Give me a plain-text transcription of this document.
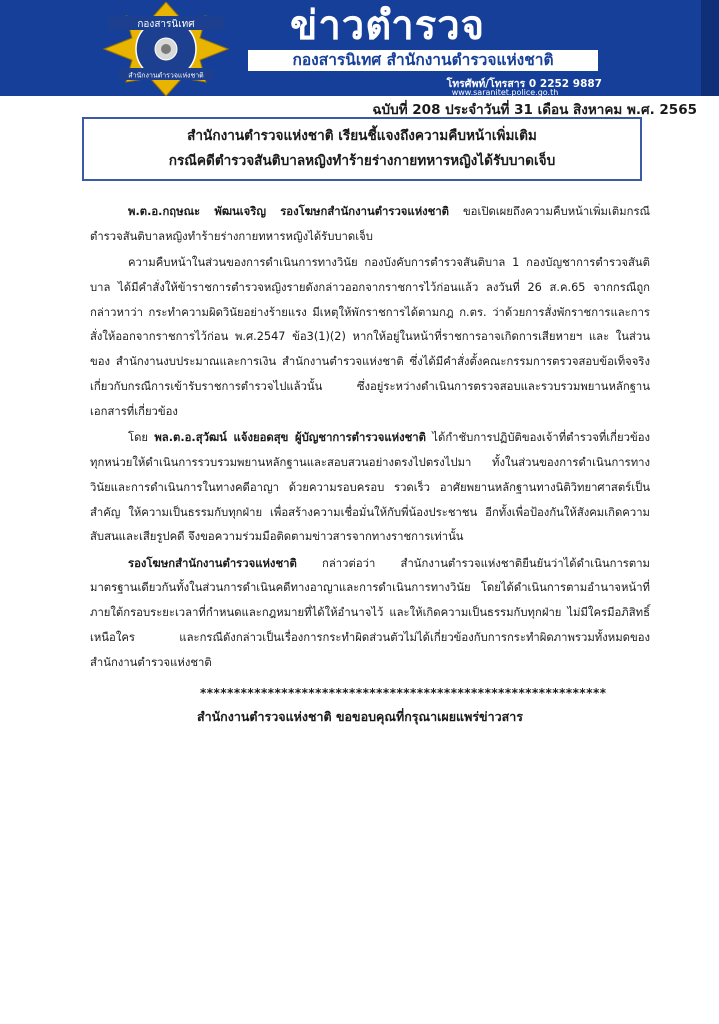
กองสารนิเทศ
สำนักงานตำรวจแห่งชาติ
ข่าวตำรวจ
กองสารนิเทศ สำนักงานตำรวจแห่งชาติ
โทรศัพท์/โทรสาร 0 2252 9887
www.saranitet.police.go.th
ฉบับที่ 208 ประจำวันที่ 31 เดือน สิงหาคม พ.ศ. 2565
สำนักงานตำรวจแห่งชาติ เรียนชี้แจงถึงความคืบหน้าเพิ่มเติม
กรณีคดีตำรวจสันติบาลหญิงทำร้ายร่างกายทหารหญิงได้รับบาดเจ็บ

พ.ต.อ.กฤษณะ พัฒนเจริญ รองโฆษกสำนักงานตำรวจแห่งชาติ ขอเปิดเผยถึงความคืบหน้าเพิ่มเติมกรณีตำรวจสันติบาลหญิงทำร้ายร่างกายทหารหญิงได้รับบาดเจ็บ

ความคืบหน้าในส่วนของการดำเนินการทางวินัย กองบังคับการตำรวจสันติบาล 1 กองบัญชาการตำรวจสันติบาล ได้มีคำสั่งให้ข้าราชการตำรวจหญิงรายดังกล่าวออกจากราชการไว้ก่อนแล้ว ลงวันที่ 26 ส.ค.65 จากกรณีถูกกล่าวหาว่า กระทำความผิดวินัยอย่างร้ายแรง มีเหตุให้พักราชการได้ตามกฎ ก.ตร. ว่าด้วยการสั่งพักราชการและการสั่งให้ออกจากราชการไว้ก่อน พ.ศ.2547 ข้อ3(1)(2) หากให้อยู่ในหน้าที่ราชการอาจเกิดการเสียหายฯ และ ในส่วนของ สำนักงานงบประมาณและการเงิน สำนักงานตำรวจแห่งชาติ ซึ่งได้มีคำสั่งตั้งคณะกรรมการตรวจสอบข้อเท็จจริงเกี่ยวกับกรณีการเข้ารับราชการตำรวจไปแล้วนั้น ซึ่งอยู่ระหว่างดำเนินการตรวจสอบและรวบรวมพยานหลักฐานเอกสารที่เกี่ยวข้อง

โดย พล.ต.อ.สุวัฒน์ แจ้งยอดสุข ผู้บัญชาการตำรวจแห่งชาติ ได้กำชับการปฏิบัติของเจ้าที่ตำรวจที่เกี่ยวข้องทุกหน่วยให้ดำเนินการรวบรวมพยานหลักฐานและสอบสวนอย่างตรงไปตรงไปมา ทั้งในส่วนของการดำเนินการทางวินัยและการดำเนินการในทางคดีอาญา ด้วยความรอบครอบ รวดเร็ว อาศัยพยานหลักฐานทางนิติวิทยาศาสตร์เป็นสำคัญ ให้ความเป็นธรรมกับทุกฝ่าย เพื่อสร้างความเชื่อมั่นให้กับพี่น้องประชาชน อีกทั้งเพื่อป้องกันให้สังคมเกิดความสับสนและเสียรูปคดี จึงขอความร่วมมือติดตามข่าวสารจากทางราชการเท่านั้น

รองโฆษกสำนักงานตำรวจแห่งชาติ กล่าวต่อว่า สำนักงานตำรวจแห่งชาติยืนยันว่าได้ดำเนินการตามมาตรฐานเดียวกันทั้งในส่วนการดำเนินคดีทางอาญาและการดำเนินการทางวินัย โดยได้ดำเนินการตามอำนาจหน้าที่ภายใต้กรอบระยะเวลาที่กำหนดและกฎหมายที่ได้ให้อำนาจไว้ และให้เกิดความเป็นธรรมกับทุกฝ่าย ไม่มีใครมีอภิสิทธิ์เหนือใคร และกรณีดังกล่าวเป็นเรื่องการกระทำผิดส่วนตัวไม่ได้เกี่ยวข้องกับการกระทำผิดภาพรวมทั้งหมดของสำนักงานตำรวจแห่งชาติ

************************************************************
สำนักงานตำรวจแห่งชาติ ขอขอบคุณที่กรุณาเผยแพร่ข่าวสาร
